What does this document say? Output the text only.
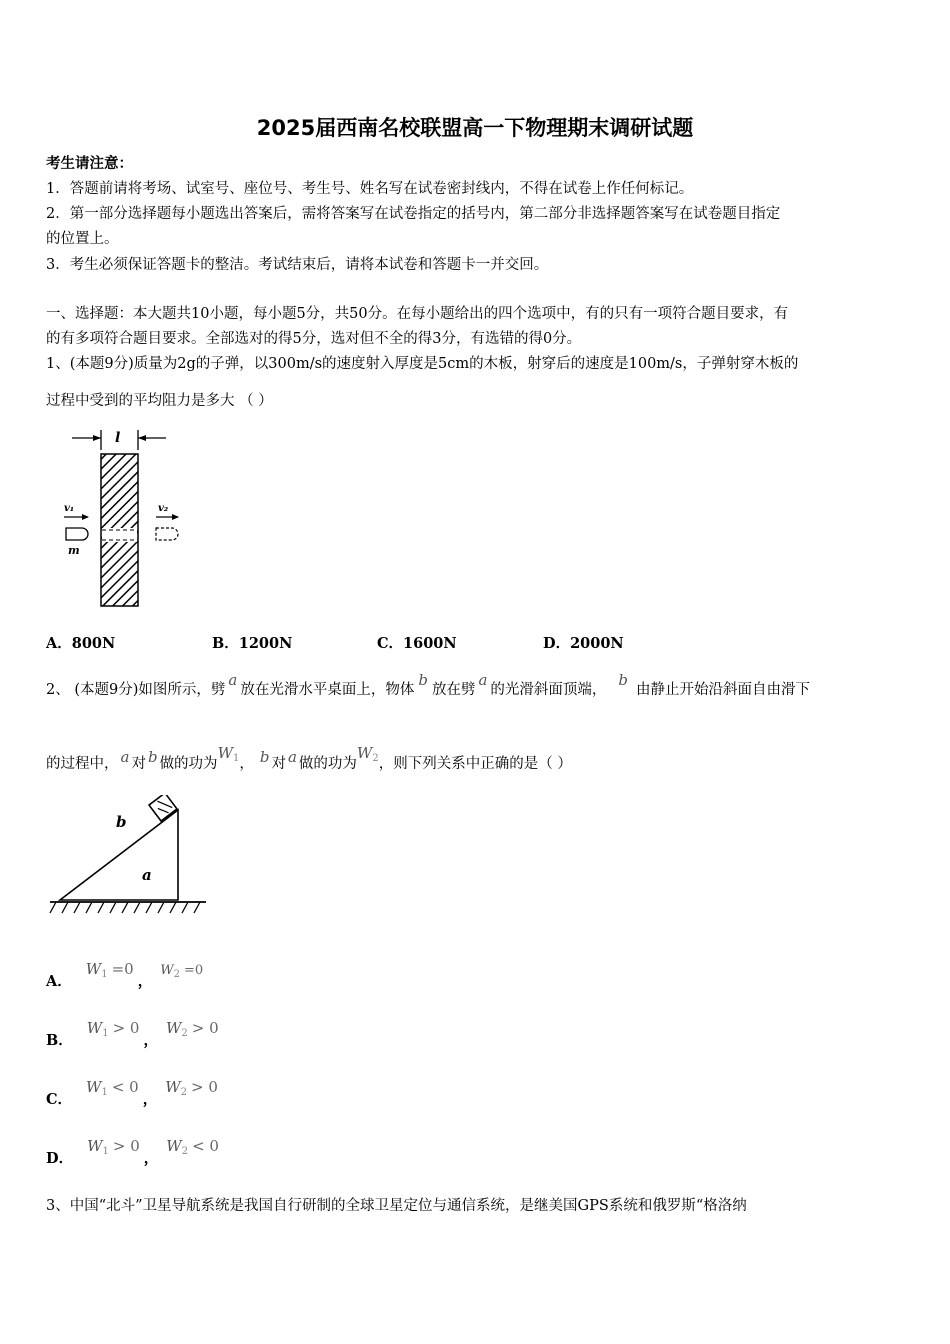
2025届西南名校联盟高一下物理期末调研试题
考生请注意：
1．答题前请将考场、试室号、座位号、考生号、姓名写在试卷密封线内，不得在试卷上作任何标记。
2．第一部分选择题每小题选出答案后，需将答案写在试卷指定的括号内，第二部分非选择题答案写在试卷题目指定
的位置上。
3．考生必须保证答题卡的整洁。考试结束后，请将本试卷和答题卡一并交回。
一、选择题：本大题共10小题，每小题5分，共50分。在每小题给出的四个选项中，有的只有一项符合题目要求，有
的有多项符合题目要求。全部选对的得5分，选对但不全的得3分，有选错的得0分。
1、(本题9分)质量为2g的子弹，以300m/s的速度射入厚度是5cm的木板，射穿后的速度是100m/s，子弹射穿木板的
过程中受到的平均阻力是多大 （ ）
l
v₁
m
v₂
A．800N	B．1200N	C．1600N	D．2000N
2、 (本题9分)如图所示，劈a放在光滑水平桌面上，物体b放在劈a的光滑斜面顶端，b由静止开始沿斜面自由滑下
的过程中， a 对 b 做的功为$W_1$， b 对 a 做的功为$W_2$，则下列关系中正确的是（ ）
b
a
A．$W_1 =0$，$W_2 =0$
B．$W_1 > 0$，$W_2 > 0$
C．$W_1 < 0$，$W_2 > 0$
D．$W_1 > 0$，$W_2 < 0$
3、中国“北斗”卫星导航系统是我国自行研制的全球卫星定位与通信系统，是继美国GPS系统和俄罗斯“格洛纳
